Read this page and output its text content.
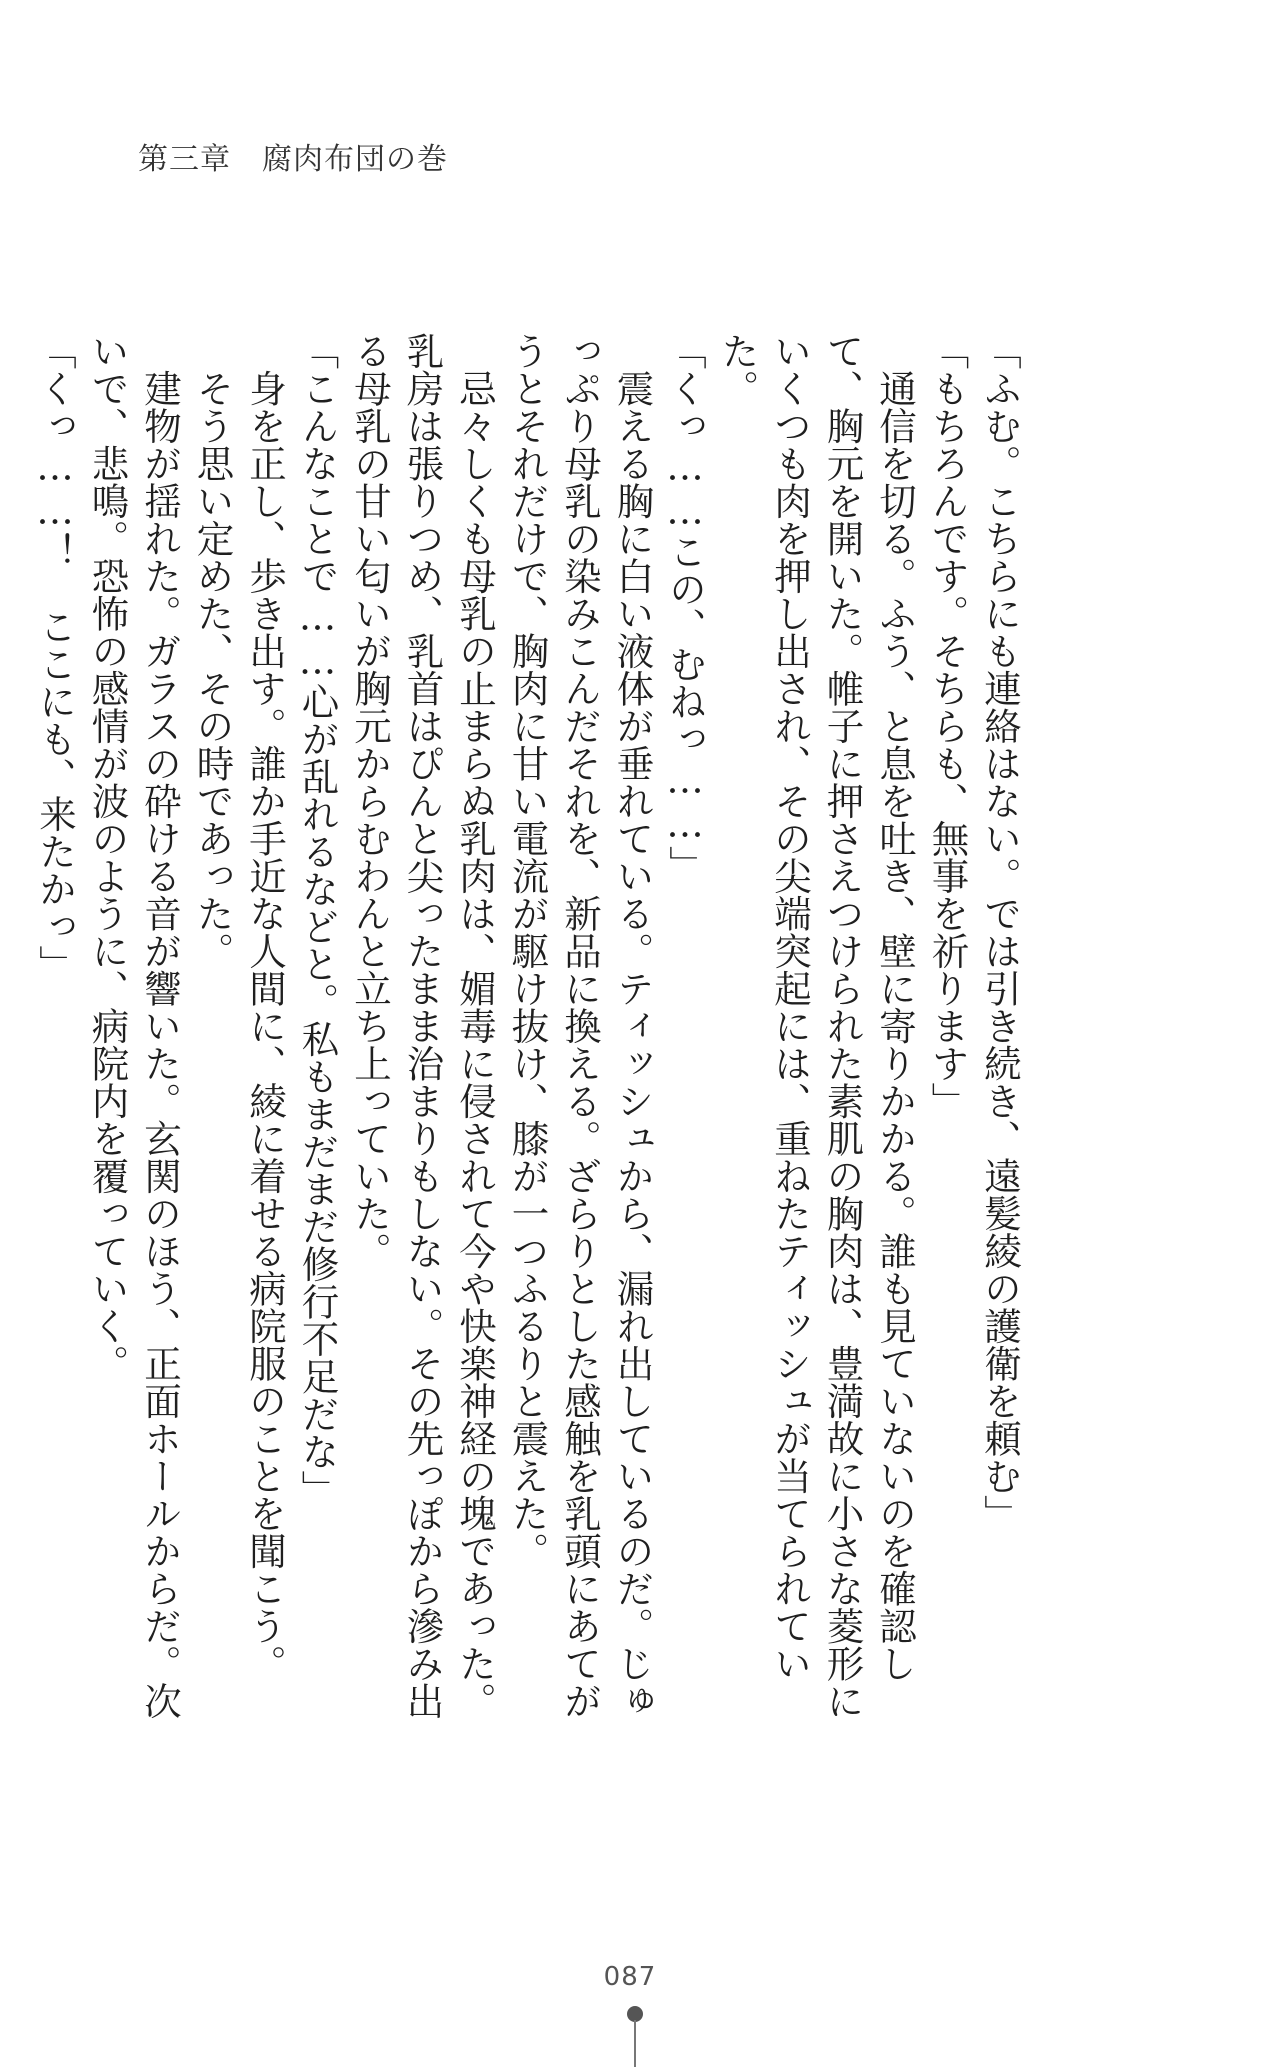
第三章　腐肉布団の巻

「ふむ。こちらにも連絡はない。では引き続き、遠髪綾の護衛を頼む」

「もちろんです。そちらも、無事を祈ります」

　通信を切る。ふう、と息を吐き、壁に寄りかかる。誰も見ていないのを確認して、胸元を開いた。帷子に押さえつけられた素肌の胸肉は、豊満故に小さな菱形にいくつも肉を押し出され、その尖端突起には、重ねたティッシュが当てられていた。

「くっ……この、むねっ……」

　震える胸に白い液体が垂れている。ティッシュから、漏れ出しているのだ。じゅっぷり母乳の染みこんだそれを、新品に換える。ざらりとした感触を乳頭にあてがうとそれだけで、胸肉に甘い電流が駆け抜け、膝が一つふるりと震えた。

　忌々しくも母乳の止まらぬ乳肉は、媚毒に侵されて今や快楽神経の塊であった。乳房は張りつめ、乳首はぴんと尖ったまま治まりもしない。その先っぽから滲み出る母乳の甘い匂いが胸元からむわんと立ち上っていた。

「こんなことで……心が乱れるなどと。私もまだまだ修行不足だな」

　身を正し、歩き出す。誰か手近な人間に、綾に着せる病院服のことを聞こう。

　そう思い定めた、その時であった。

　建物が揺れた。ガラスの砕ける音が響いた。玄関のほう、正面ホールからだ。次いで、悲鳴。恐怖の感情が波のように、病院内を覆っていく。

「くっ……！　ここにも、来たかっ」

087
